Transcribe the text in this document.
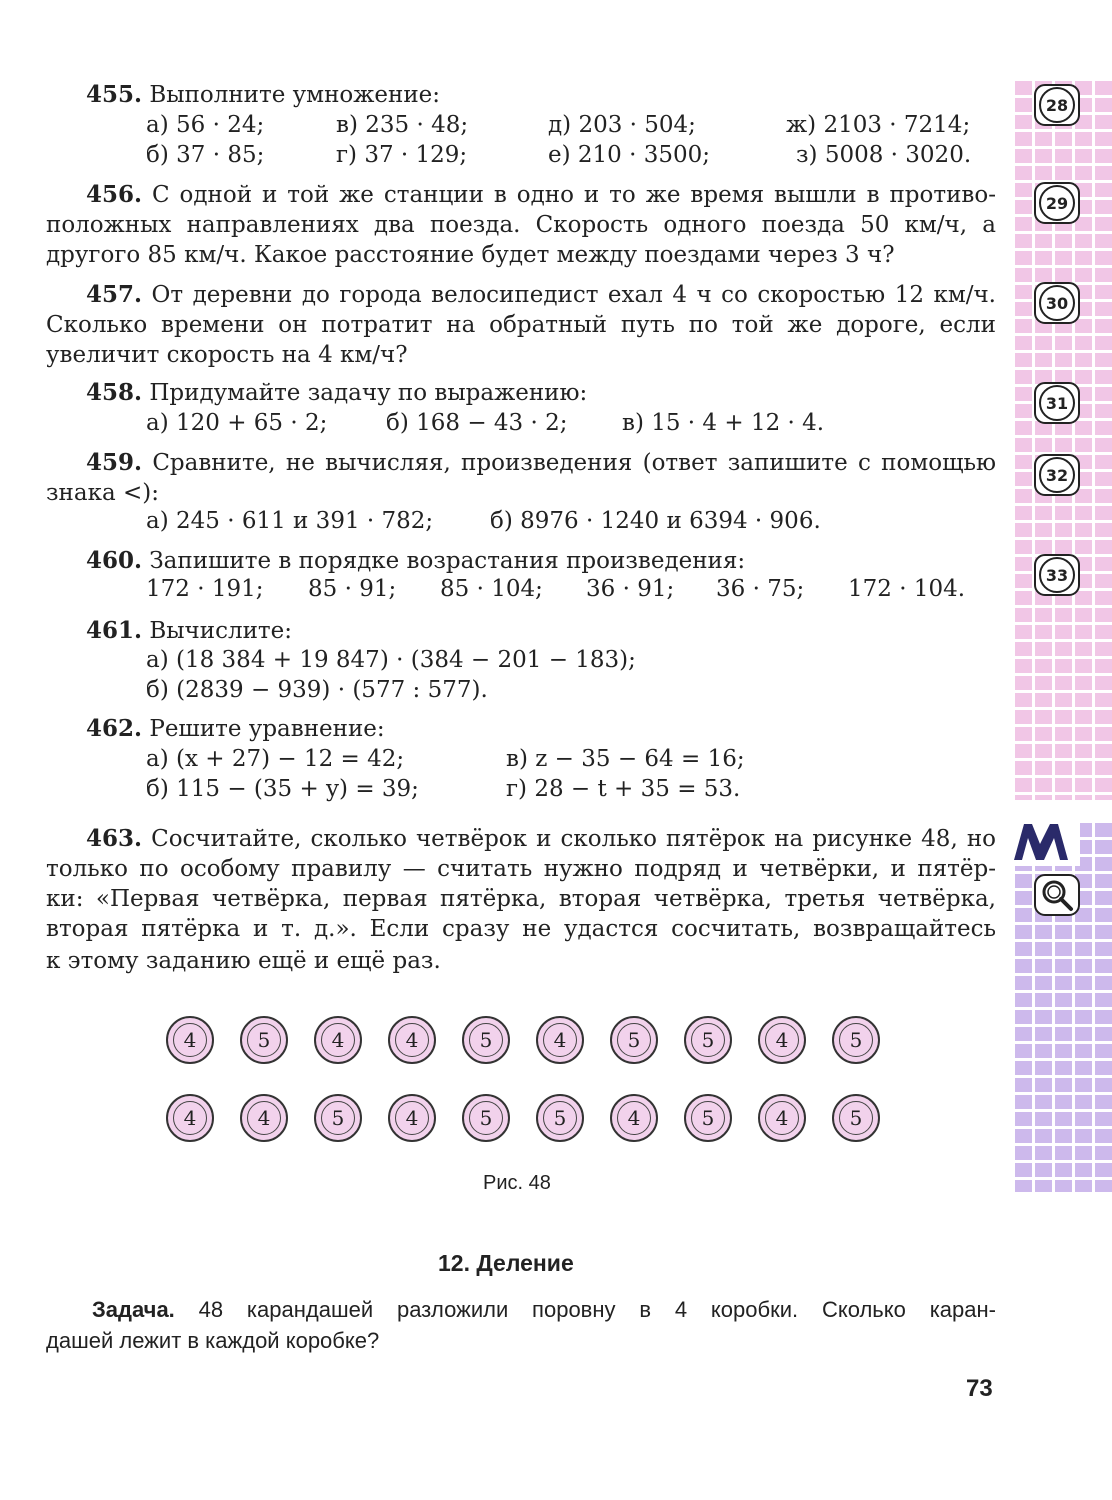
28
29
30
31
32
33
455. Выполните умножение:
а) 56 · 24;	в) 235 · 48;	д) 203 · 504;	ж) 2103 · 7214;
б) 37 · 85;	г) 37 · 129;	е) 210 · 3500;	з) 5008 · 3020.
456. С одной и той же станции в одно и то же время вышли в противо-
положных направлениях два поезда. Скорость одного поезда 50 км/ч, а
другого 85 км/ч. Какое расстояние будет между поездами через 3 ч?
457. От деревни до города велосипедист ехал 4 ч со скоростью 12 км/ч.
Сколько времени он потратит на обратный путь по той же дороге, если
увеличит скорость на 4 км/ч?
458. Придумайте задачу по выражению:
а) 120 + 65 · 2;	б) 168 − 43 · 2; в) 15 · 4 + 12 · 4.
459. Сравните, не вычисляя, произведения (ответ запишите с помощью
знака <):
а) 245 · 611 и 391 · 782; б) 8976 · 1240 и 6394 · 906.
460. Запишите в порядке возрастания произведения:
172 · 191; 85 · 91; 85 · 104; 36 · 91; 36 · 75; 172 · 104.
461. Вычислите:
а) (18 384 + 19 847) · (384 − 201 − 183);
б) (2839 − 939) · (577 : 577).
462. Решите уравнение:
а) (x + 27) − 12 = 42;	в) z − 35 − 64 = 16;
б) 115 − (35 + y) = 39;	г) 28 − t + 35 = 53.
463. Сосчитайте, сколько четвёрок и сколько пятёрок на рисунке 48, но
только по особому правилу — считать нужно подряд и четвёрки, и пятёр-
ки: «Первая четвёрка, первая пятёрка, вторая четвёрка, третья четвёрка,
вторая пятёрка и т. д.». Если сразу не удастся сосчитать, возвращайтесь
к этому заданию ещё и ещё раз.
4	5	4	4	5	4	5	5	4	5
4	4	5	4	5	5	4	5	4	5
Рис. 48
12. Деление
Задача. 48 карандашей разложили поровну в 4 коробки. Сколько каран-
дашей лежит в каждой коробке?
73
